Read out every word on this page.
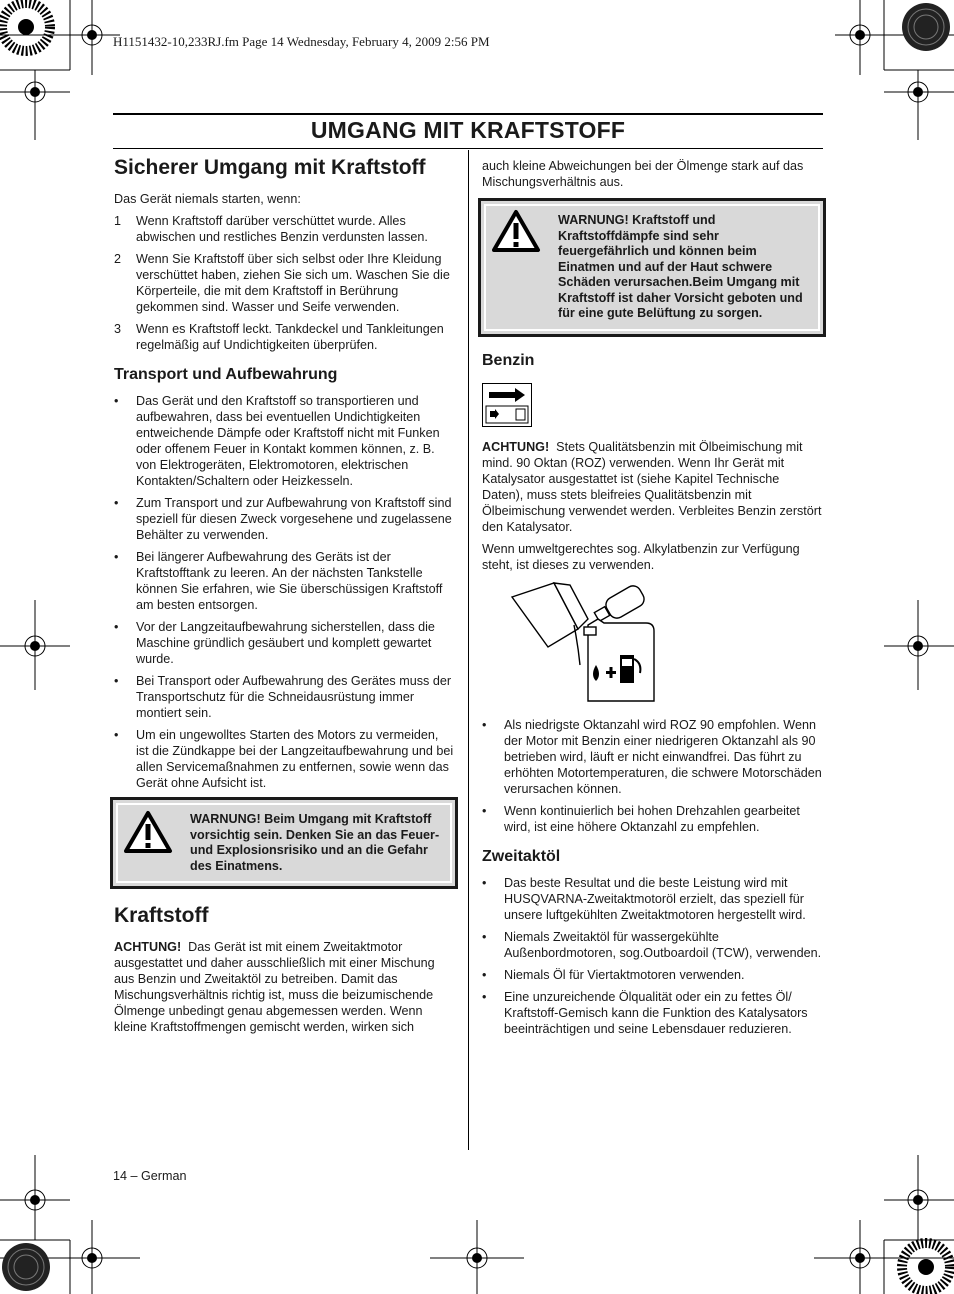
H1151432-10,233RJ.fm Page 14 Wednesday, February 4, 2009 2:56 PM
UMGANG MIT KRAFTSTOFF
Sicherer Umgang mit Kraftstoff

Das Gerät niemals starten, wenn:

1 Wenn Kraftstoff darüber verschüttet wurde. Alles abwischen und restliches Benzin verdunsten lassen.
2 Wenn Sie Kraftstoff über sich selbst oder Ihre Kleidung verschüttet haben, ziehen Sie sich um. Waschen Sie die Körperteile, die mit dem Kraftstoff in Berührung gekommen sind. Wasser und Seife verwenden.
3 Wenn es Kraftstoff leckt. Tankdeckel und Tankleitungen regelmäßig auf Undichtigkeiten überprüfen.
Transport und Aufbewahrung
• Das Gerät und den Kraftstoff so transportieren und aufbewahren, dass bei eventuellen Undichtigkeiten entweichende Dämpfe oder Kraftstoff nicht mit Funken oder offenem Feuer in Kontakt kommen können, z. B. von Elektrogeräten, Elektromotoren, elektrischen Kontakten/Schaltern oder Heizkesseln.
• Zum Transport und zur Aufbewahrung von Kraftstoff sind speziell für diesen Zweck vorgesehene und zugelassene Behälter zu verwenden.
• Bei längerer Aufbewahrung des Geräts ist der Kraftstofftank zu leeren. An der nächsten Tankstelle können Sie erfahren, wie Sie überschüssigen Kraftstoff am besten entsorgen.
• Vor der Langzeitaufbewahrung sicherstellen, dass die Maschine gründlich gesäubert und komplett gewartet wurde.
• Bei Transport oder Aufbewahrung des Gerätes muss der Transportschutz für die Schneidausrüstung immer montiert sein.
• Um ein ungewolltes Starten des Motors zu vermeiden, ist die Zündkappe bei der Langzeitaufbewahrung und bei allen Servicemaßnahmen zu entfernen, sowie wenn das Gerät ohne Aufsicht ist.
WARNUNG! Beim Umgang mit Kraftstoff vorsichtig sein. Denken Sie an das Feuer- und Explosionsrisiko und an die Gefahr des Einatmens.
Kraftstoff

ACHTUNG! Das Gerät ist mit einem Zweitaktmotor ausgestattet und daher ausschließlich mit einer Mischung aus Benzin und Zweitaktöl zu betreiben. Damit das Mischungsverhältnis richtig ist, muss die beizumischende Ölmenge unbedingt genau abgemessen werden. Wenn kleine Kraftstoffmengen gemischt werden, wirken sich

auch kleine Abweichungen bei der Ölmenge stark auf das Mischungsverhältnis aus.

WARNUNG! Kraftstoff und Kraftstoffdämpfe sind sehr feuergefährlich und können beim Einatmen und auf der Haut schwere Schäden verursachen.Beim Umgang mit Kraftstoff ist daher Vorsicht geboten und für eine gute Belüftung zu sorgen.
Benzin

ACHTUNG! Stets Qualitätsbenzin mit Ölbeimischung mit mind. 90 Oktan (ROZ) verwenden. Wenn Ihr Gerät mit Katalysator ausgestattet ist (siehe Kapitel Technische Daten), muss stets bleifreies Qualitätsbenzin mit Ölbeimischung verwendet werden. Verbleites Benzin zerstört den Katalysator.

Wenn umweltgerechtes sog. Alkylatbenzin zur Verfügung steht, ist dieses zu verwenden.

• Als niedrigste Oktanzahl wird ROZ 90 empfohlen. Wenn der Motor mit Benzin einer niedrigeren Oktanzahl als 90 betrieben wird, läuft er nicht einwandfrei. Das führt zu erhöhten Motortemperaturen, die schwere Motorschäden verursachen können.
• Wenn kontinuierlich bei hohen Drehzahlen gearbeitet wird, ist eine höhere Oktanzahl zu empfehlen.
Zweitaktöl
• Das beste Resultat und die beste Leistung wird mit HUSQVARNA-Zweitaktmotoröl erzielt, das speziell für unsere luftgekühlten Zweitaktmotoren hergestellt wird.
• Niemals Zweitaktöl für wassergekühlte Außenbordmotoren, sog.Outboardoil (TCW), verwenden.
• Niemals Öl für Viertaktmotoren verwenden.
• Eine unzureichende Ölqualität oder ein zu fettes Öl/ Kraftstoff-Gemisch kann die Funktion des Katalysators beeinträchtigen und seine Lebensdauer reduzieren.
14 – German
